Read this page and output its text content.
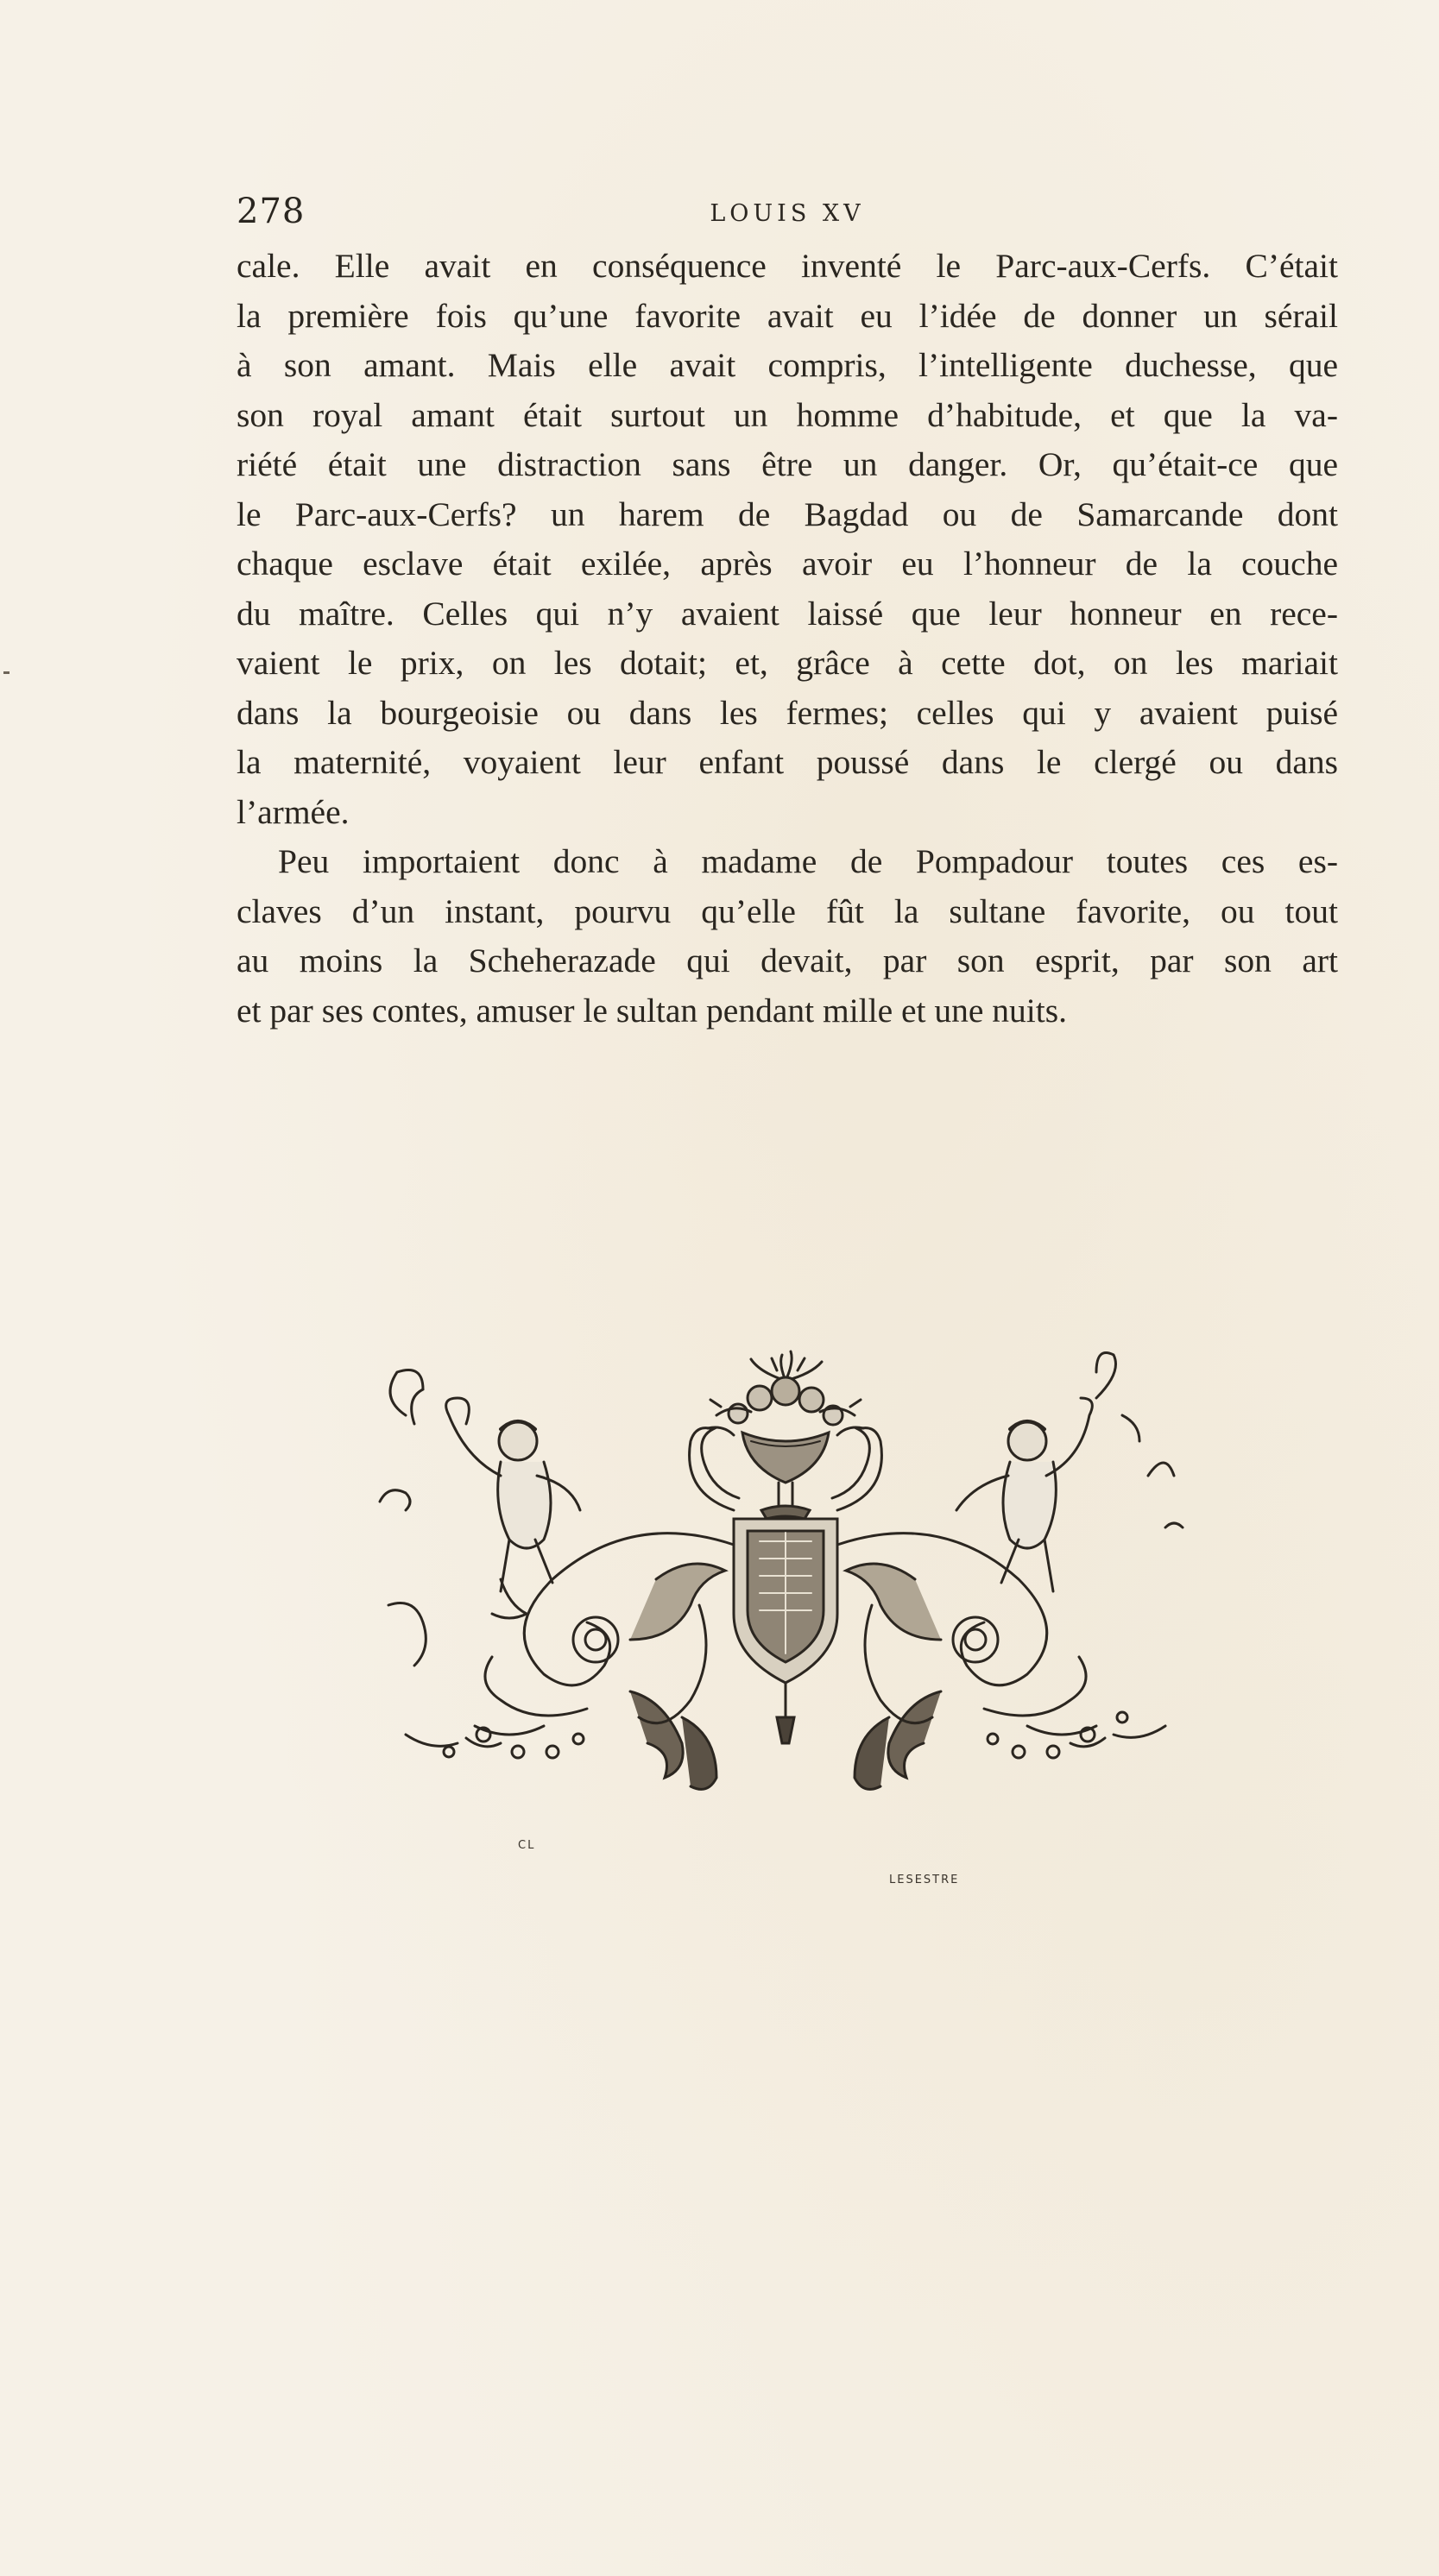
278	LOUIS XV
cale. Elle avait en conséquence inventé le Parc-aux-Cerfs. C’était
la première fois qu’une favorite avait eu l’idée de donner un sérail
à son amant. Mais elle avait compris, l’intelligente duchesse, que
son royal amant était surtout un homme d’habitude, et que la va-
riété était une distraction sans être un danger. Or, qu’était-ce que
le Parc-aux-Cerfs? un harem de Bagdad ou de Samarcande dont
chaque esclave était exilée, après avoir eu l’honneur de la couche
du maître. Celles qui n’y avaient laissé que leur honneur en rece-
vaient le prix, on les dotait; et, grâce à cette dot, on les mariait
dans la bourgeoisie ou dans les fermes; celles qui y avaient puisé
la maternité, voyaient leur enfant poussé dans le clergé ou dans
l’armée.
Peu importaient donc à madame de Pompadour toutes ces es-
claves d’un instant, pourvu qu’elle fût la sultane favorite, ou tout
au moins la Scheherazade qui devait, par son esprit, par son art
et par ses contes, amuser le sultan pendant mille et une nuits.
CL
LESESTRE
